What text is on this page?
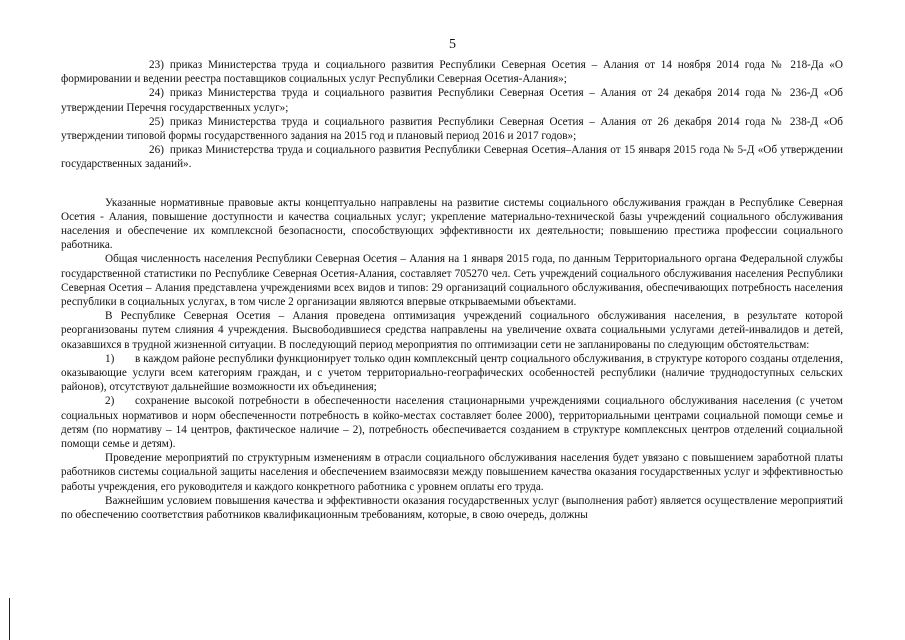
5

23) приказ Министерства труда и социального развития Республики Северная Осетия – Алания от 14 ноября 2014 года № 218-Да «О формировании и ведении реестра поставщиков социальных услуг Республики Северная Осетия-Алания»;

24) приказ Министерства труда и социального развития Республики Северная Осетия – Алания от 24 декабря 2014 года № 236-Д «Об утверждении Перечня государственных услуг»;

25) приказ Министерства труда и социального развития Республики Северная Осетия – Алания от 26 декабря 2014 года № 238-Д «Об утверждении типовой формы государственного задания на 2015 год и плановый период 2016 и 2017 годов»;

26) приказ Министерства труда и социального развития Республики Северная Осетия–Алания от 15 января 2015 года № 5-Д «Об утверждении государственных заданий».

Указанные нормативные правовые акты концептуально направлены на развитие системы социального обслуживания граждан в Республике Северная Осетия - Алания, повышение доступности и качества социальных услуг; укрепление материально-технической базы учреждений социального обслуживания населения и обеспечение их комплексной безопасности, способствующих эффективности их деятельности; повышению престижа профессии социального работника.

Общая численность населения Республики Северная Осетия – Алания на 1 января 2015 года, по данным Территориального органа Федеральной службы государственной статистики по Республике Северная Осетия-Алания, составляет 705270 чел. Сеть учреждений социального обслуживания населения Республики Северная Осетия – Алания представлена учреждениями всех видов и типов: 29 организаций социального обслуживания, обеспечивающих потребность населения республики в социальных услугах, в том числе 2 организации являются впервые открываемыми объектами.

В Республике Северная Осетия – Алания проведена оптимизация учреждений социального обслуживания населения, в результате которой реорганизованы путем слияния 4 учреждения. Высвободившиеся средства направлены на увеличение охвата социальными услугами детей-инвалидов и детей, оказавшихся в трудной жизненной ситуации. В последующий период мероприятия по оптимизации сети не запланированы по следующим обстоятельствам:

1) в каждом районе республики функционирует только один комплексный центр социального обслуживания, в структуре которого созданы отделения, оказывающие услуги всем категориям граждан, и с учетом территориально-географических особенностей республики (наличие труднодоступных сельских районов), отсутствуют дальнейшие возможности их объединения;

2) сохранение высокой потребности в обеспеченности населения стационарными учреждениями социального обслуживания населения (с учетом социальных нормативов и норм обеспеченности потребность в койко-местах составляет более 2000), территориальными центрами социальной помощи семье и детям (по нормативу – 14 центров, фактическое наличие – 2), потребность обеспечивается созданием в структуре комплексных центров отделений социальной помощи семье и детям).

Проведение мероприятий по структурным изменениям в отрасли социального обслуживания населения будет увязано с повышением заработной платы работников системы социальной защиты населения и обеспечением взаимосвязи между повышением качества оказания государственных услуг и эффективностью работы учреждения, его руководителя и каждого конкретного работника с уровнем оплаты его труда.

Важнейшим условием повышения качества и эффективности оказания государственных услуг (выполнения работ) является осуществление мероприятий по обеспечению соответствия работников квалификационным требованиям, которые, в свою очередь, должны
